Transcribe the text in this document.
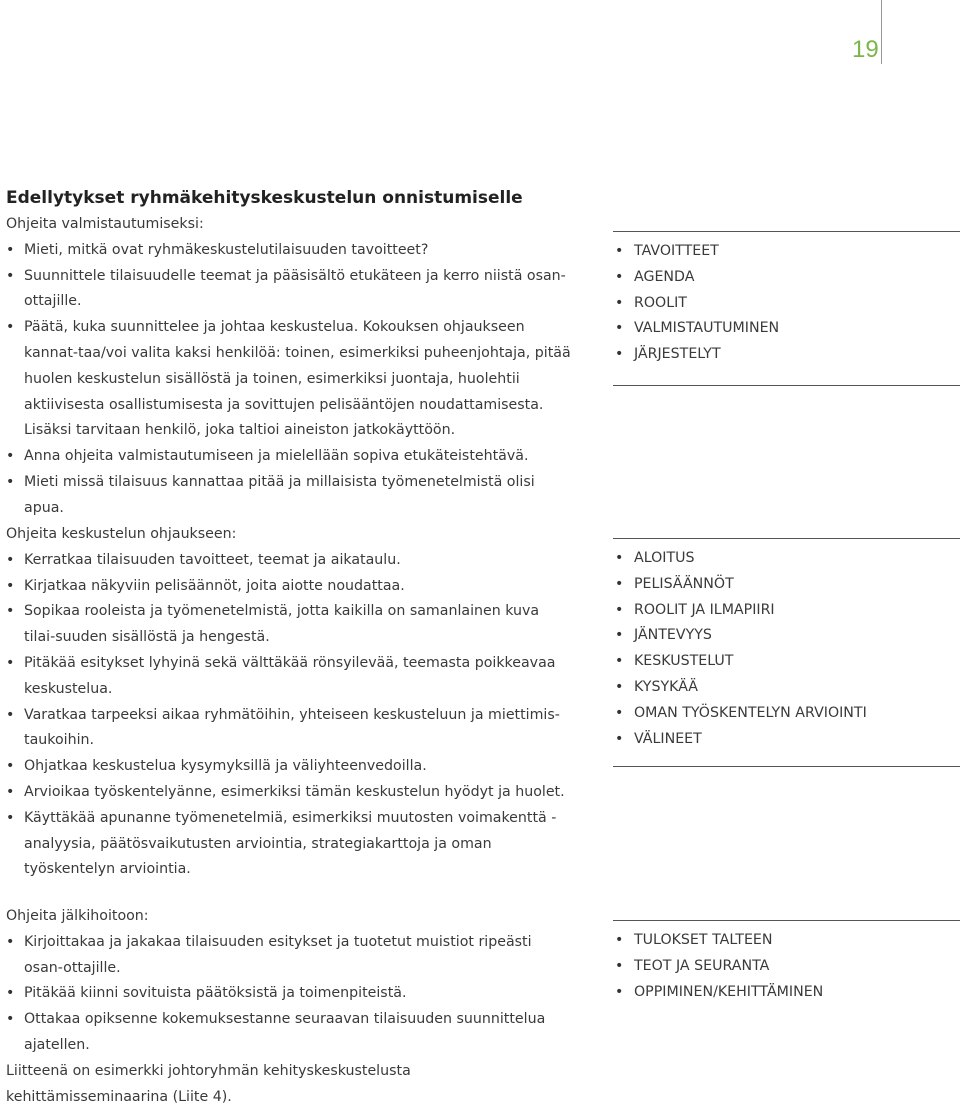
19
Edellytykset ryhmäkehityskeskustelun onnistumiselle

Ohjeita valmistautumiseksi:

• Mieti, mitkä ovat ryhmäkeskustelutilaisuuden tavoitteet?
• Suunnittele tilaisuudelle teemat ja pääsisältö etukäteen ja kerro niistä osan-ottajille.
• Päätä, kuka suunnittelee ja johtaa keskustelua. Kokouksen ohjaukseen kannat-taa/voi valita kaksi henkilöä: toinen, esimerkiksi puheenjohtaja, pitää huolen keskustelun sisällöstä ja toinen, esimerkiksi juontaja, huolehtii aktiivisesta osallistumisesta ja sovittujen pelisääntöjen noudattamisesta. Lisäksi tarvitaan henkilö, joka taltioi aineiston jatkokäyttöön.
• Anna ohjeita valmistautumiseen ja mielellään sopiva etukäteistehtävä.
• Mieti missä tilaisuus kannattaa pitää ja millaisista työmenetelmistä olisi apua.

Ohjeita keskustelun ohjaukseen:

• Kerratkaa tilaisuuden tavoitteet, teemat ja aikataulu.
• Kirjatkaa näkyviin pelisäännöt, joita aiotte noudattaa.
• Sopikaa rooleista ja työmenetelmistä, jotta kaikilla on samanlainen kuva tilai-suuden sisällöstä ja hengestä.
• Pitäkää esitykset lyhyinä sekä välttäkää rönsyilevää, teemasta poikkeavaa keskustelua.
• Varatkaa tarpeeksi aikaa ryhmätöihin, yhteiseen keskusteluun ja miettimis-taukoihin.
• Ohjatkaa keskustelua kysymyksillä ja väliyhteenvedoilla.
• Arvioikaa työskentelyänne, esimerkiksi tämän keskustelun hyödyt ja huolet.
• Käyttäkää apunanne työmenetelmiä, esimerkiksi muutosten voimakenttä -analyysia, päätösvaikutusten arviointia, strategiakarttoja ja oman työskentelyn arviointia.

Ohjeita jälkihoitoon:

• Kirjoittakaa ja jakakaa tilaisuuden esitykset ja tuotetut muistiot ripeästi osan-ottajille.
• Pitäkää kiinni sovituista päätöksistä ja toimenpiteistä.
• Ottakaa opiksenne kokemuksestanne seuraavan tilaisuuden suunnittelua ajatellen.

Liitteenä on esimerkki johtoryhmän kehityskeskustelusta kehittämisseminaarina (Liite 4).

• TAVOITTEET
• AGENDA
• ROOLIT
• VALMISTAUTUMINEN
• JÄRJESTELYT
• ALOITUS
• PELISÄÄNNÖT
• ROOLIT JA ILMAPIIRI
• JÄNTEVYYS
• KESKUSTELUT
• KYSYKÄÄ
• OMAN TYÖSKENTELYN ARVIOINTI
• VÄLINEET
• TULOKSET TALTEEN
• TEOT JA SEURANTA
• OPPIMINEN/KEHITTÄMINEN
